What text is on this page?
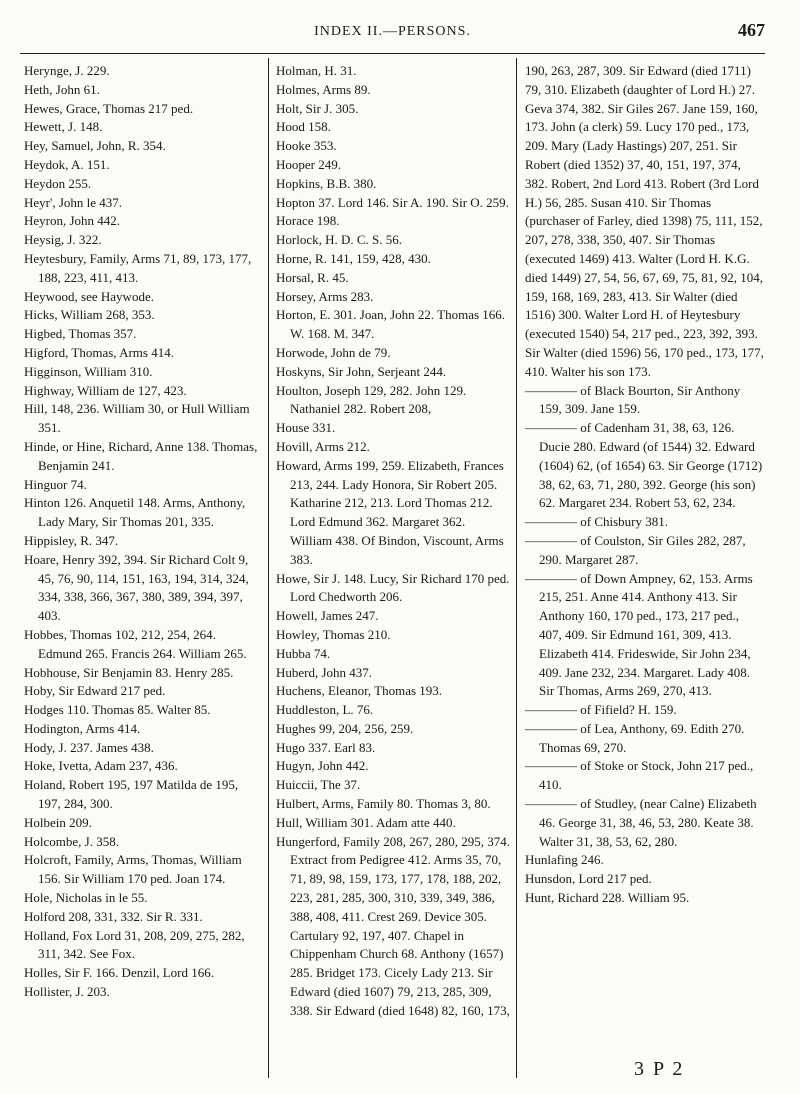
INDEX II.—PERSONS.	467

Herynge, J. 229.

Heth, John 61.

Hewes, Grace, Thomas 217 ped.

Hewett, J. 148.

Hey, Samuel, John, R. 354.

Heydok, A. 151.

Heydon 255.

Heyr', John le 437.

Heyron, John 442.

Heysig, J. 322.

Heytesbury, Family, Arms 71, 89, 173, 177, 188, 223, 411, 413.

Heywood, see Haywode.

Hicks, William 268, 353.

Higbed, Thomas 357.

Higford, Thomas, Arms 414.

Higginson, William 310.

Highway, William de 127, 423.

Hill, 148, 236. William 30, or Hull William 351.

Hinde, or Hine, Richard, Anne 138. Thomas, Benjamin 241.

Hinguor 74.

Hinton 126. Anquetil 148. Arms, Anthony, Lady Mary, Sir Thomas 201, 335.

Hippisley, R. 347.

Hoare, Henry 392, 394. Sir Richard Colt 9, 45, 76, 90, 114, 151, 163, 194, 314, 324, 334, 338, 366, 367, 380, 389, 394, 397, 403.

Hobbes, Thomas 102, 212, 254, 264. Edmund 265. Francis 264. William 265.

Hobhouse, Sir Benjamin 83. Henry 285.

Hoby, Sir Edward 217 ped.

Hodges 110. Thomas 85. Walter 85.

Hodington, Arms 414.

Hody, J. 237. James 438.

Hoke, Ivetta, Adam 237, 436.

Holand, Robert 195, 197 Matilda de 195, 197, 284, 300.

Holbein 209.

Holcombe, J. 358.

Holcroft, Family, Arms, Thomas, William 156. Sir William 170 ped. Joan 174.

Hole, Nicholas in le 55.

Holford 208, 331, 332. Sir R. 331.

Holland, Fox Lord 31, 208, 209, 275, 282, 311, 342. See Fox.

Holles, Sir F. 166. Denzil, Lord 166.

Hollister, J. 203.

Holman, H. 31.

Holmes, Arms 89.

Holt, Sir J. 305.

Hood 158.

Hooke 353.

Hooper 249.

Hopkins, B.B. 380.

Hopton 37. Lord 146. Sir A. 190. Sir O. 259.

Horace 198.

Horlock, H. D. C. S. 56.

Horne, R. 141, 159, 428, 430.

Horsal, R. 45.

Horsey, Arms 283.

Horton, E. 301. Joan, John 22. Thomas 166. W. 168. M. 347.

Horwode, John de 79.

Hoskyns, Sir John, Serjeant 244.

Houlton, Joseph 129, 282. John 129. Nathaniel 282. Robert 208,

House 331.

Hovill, Arms 212.

Howard, Arms 199, 259. Elizabeth, Frances 213, 244. Lady Honora, Sir Robert 205. Katharine 212, 213. Lord Thomas 212. Lord Edmund 362. Margaret 362. William 438. Of Bindon, Viscount, Arms 383.

Howe, Sir J. 148. Lucy, Sir Richard 170 ped. Lord Chedworth 206.

Howell, James 247.

Howley, Thomas 210.

Hubba 74.

Huberd, John 437.

Huchens, Eleanor, Thomas 193.

Huddleston, L. 76.

Hughes 99, 204, 256, 259.

Hugo 337. Earl 83.

Hugyn, John 442.

Huiccii, The 37.

Hulbert, Arms, Family 80. Thomas 3, 80.

Hull, William 301. Adam atte 440.

Hungerford, Family 208, 267, 280, 295, 374. Extract from Pedigree 412. Arms 35, 70, 71, 89, 98, 159, 173, 177, 178, 188, 202, 223, 281, 285, 300, 310, 339, 349, 386, 388, 408, 411. Crest 269. Device 305. Cartulary 92, 197, 407. Chapel in Chippenham Church 68. Anthony (1657) 285. Bridget 173. Cicely Lady 213. Sir Edward (died 1607) 79, 213, 285, 309, 338. Sir Edward (died 1648) 82, 160, 173,

190, 263, 287, 309. Sir Edward (died 1711) 79, 310. Elizabeth (daughter of Lord H.) 27. Geva 374, 382. Sir Giles 267. Jane 159, 160, 173. John (a clerk) 59. Lucy 170 ped., 173, 209. Mary (Lady Hastings) 207, 251. Sir Robert (died 1352) 37, 40, 151, 197, 374, 382. Robert, 2nd Lord 413. Robert (3rd Lord H.) 56, 285. Susan 410. Sir Thomas (purchaser of Farley, died 1398) 75, 111, 152, 207, 278, 338, 350, 407. Sir Thomas (executed 1469) 413. Walter (Lord H. K.G. died 1449) 27, 54, 56, 67, 69, 75, 81, 92, 104, 159, 168, 169, 283, 413. Sir Walter (died 1516) 300. Walter Lord H. of Heytesbury (executed 1540) 54, 217 ped., 223, 392, 393. Sir Walter (died 1596) 56, 170 ped., 173, 177, 410. Walter his son 173.

———— of Black Bourton, Sir Anthony 159, 309. Jane 159.

———— of Cadenham 31, 38, 63, 126. Ducie 280. Edward (of 1544) 32. Edward (1604) 62, (of 1654) 63. Sir George (1712) 38, 62, 63, 71, 280, 392. George (his son) 62. Margaret 234. Robert 53, 62, 234.

———— of Chisbury 381.

———— of Coulston, Sir Giles 282, 287, 290. Margaret 287.

———— of Down Ampney, 62, 153. Arms 215, 251. Anne 414. Anthony 413. Sir Anthony 160, 170 ped., 173, 217 ped., 407, 409. Sir Edmund 161, 309, 413. Elizabeth 414. Frideswide, Sir John 234, 409. Jane 232, 234. Margaret. Lady 408. Sir Thomas, Arms 269, 270, 413.

———— of Fifield? H. 159.

———— of Lea, Anthony, 69. Edith 270. Thomas 69, 270.

———— of Stoke or Stock, John 217 ped., 410.

———— of Studley, (near Calne) Elizabeth 46. George 31, 38, 46, 53, 280. Keate 38. Walter 31, 38, 53, 62, 280.

Hunlafing 246.

Hunsdon, Lord 217 ped.

Hunt, Richard 228. William 95.

3 P 2
